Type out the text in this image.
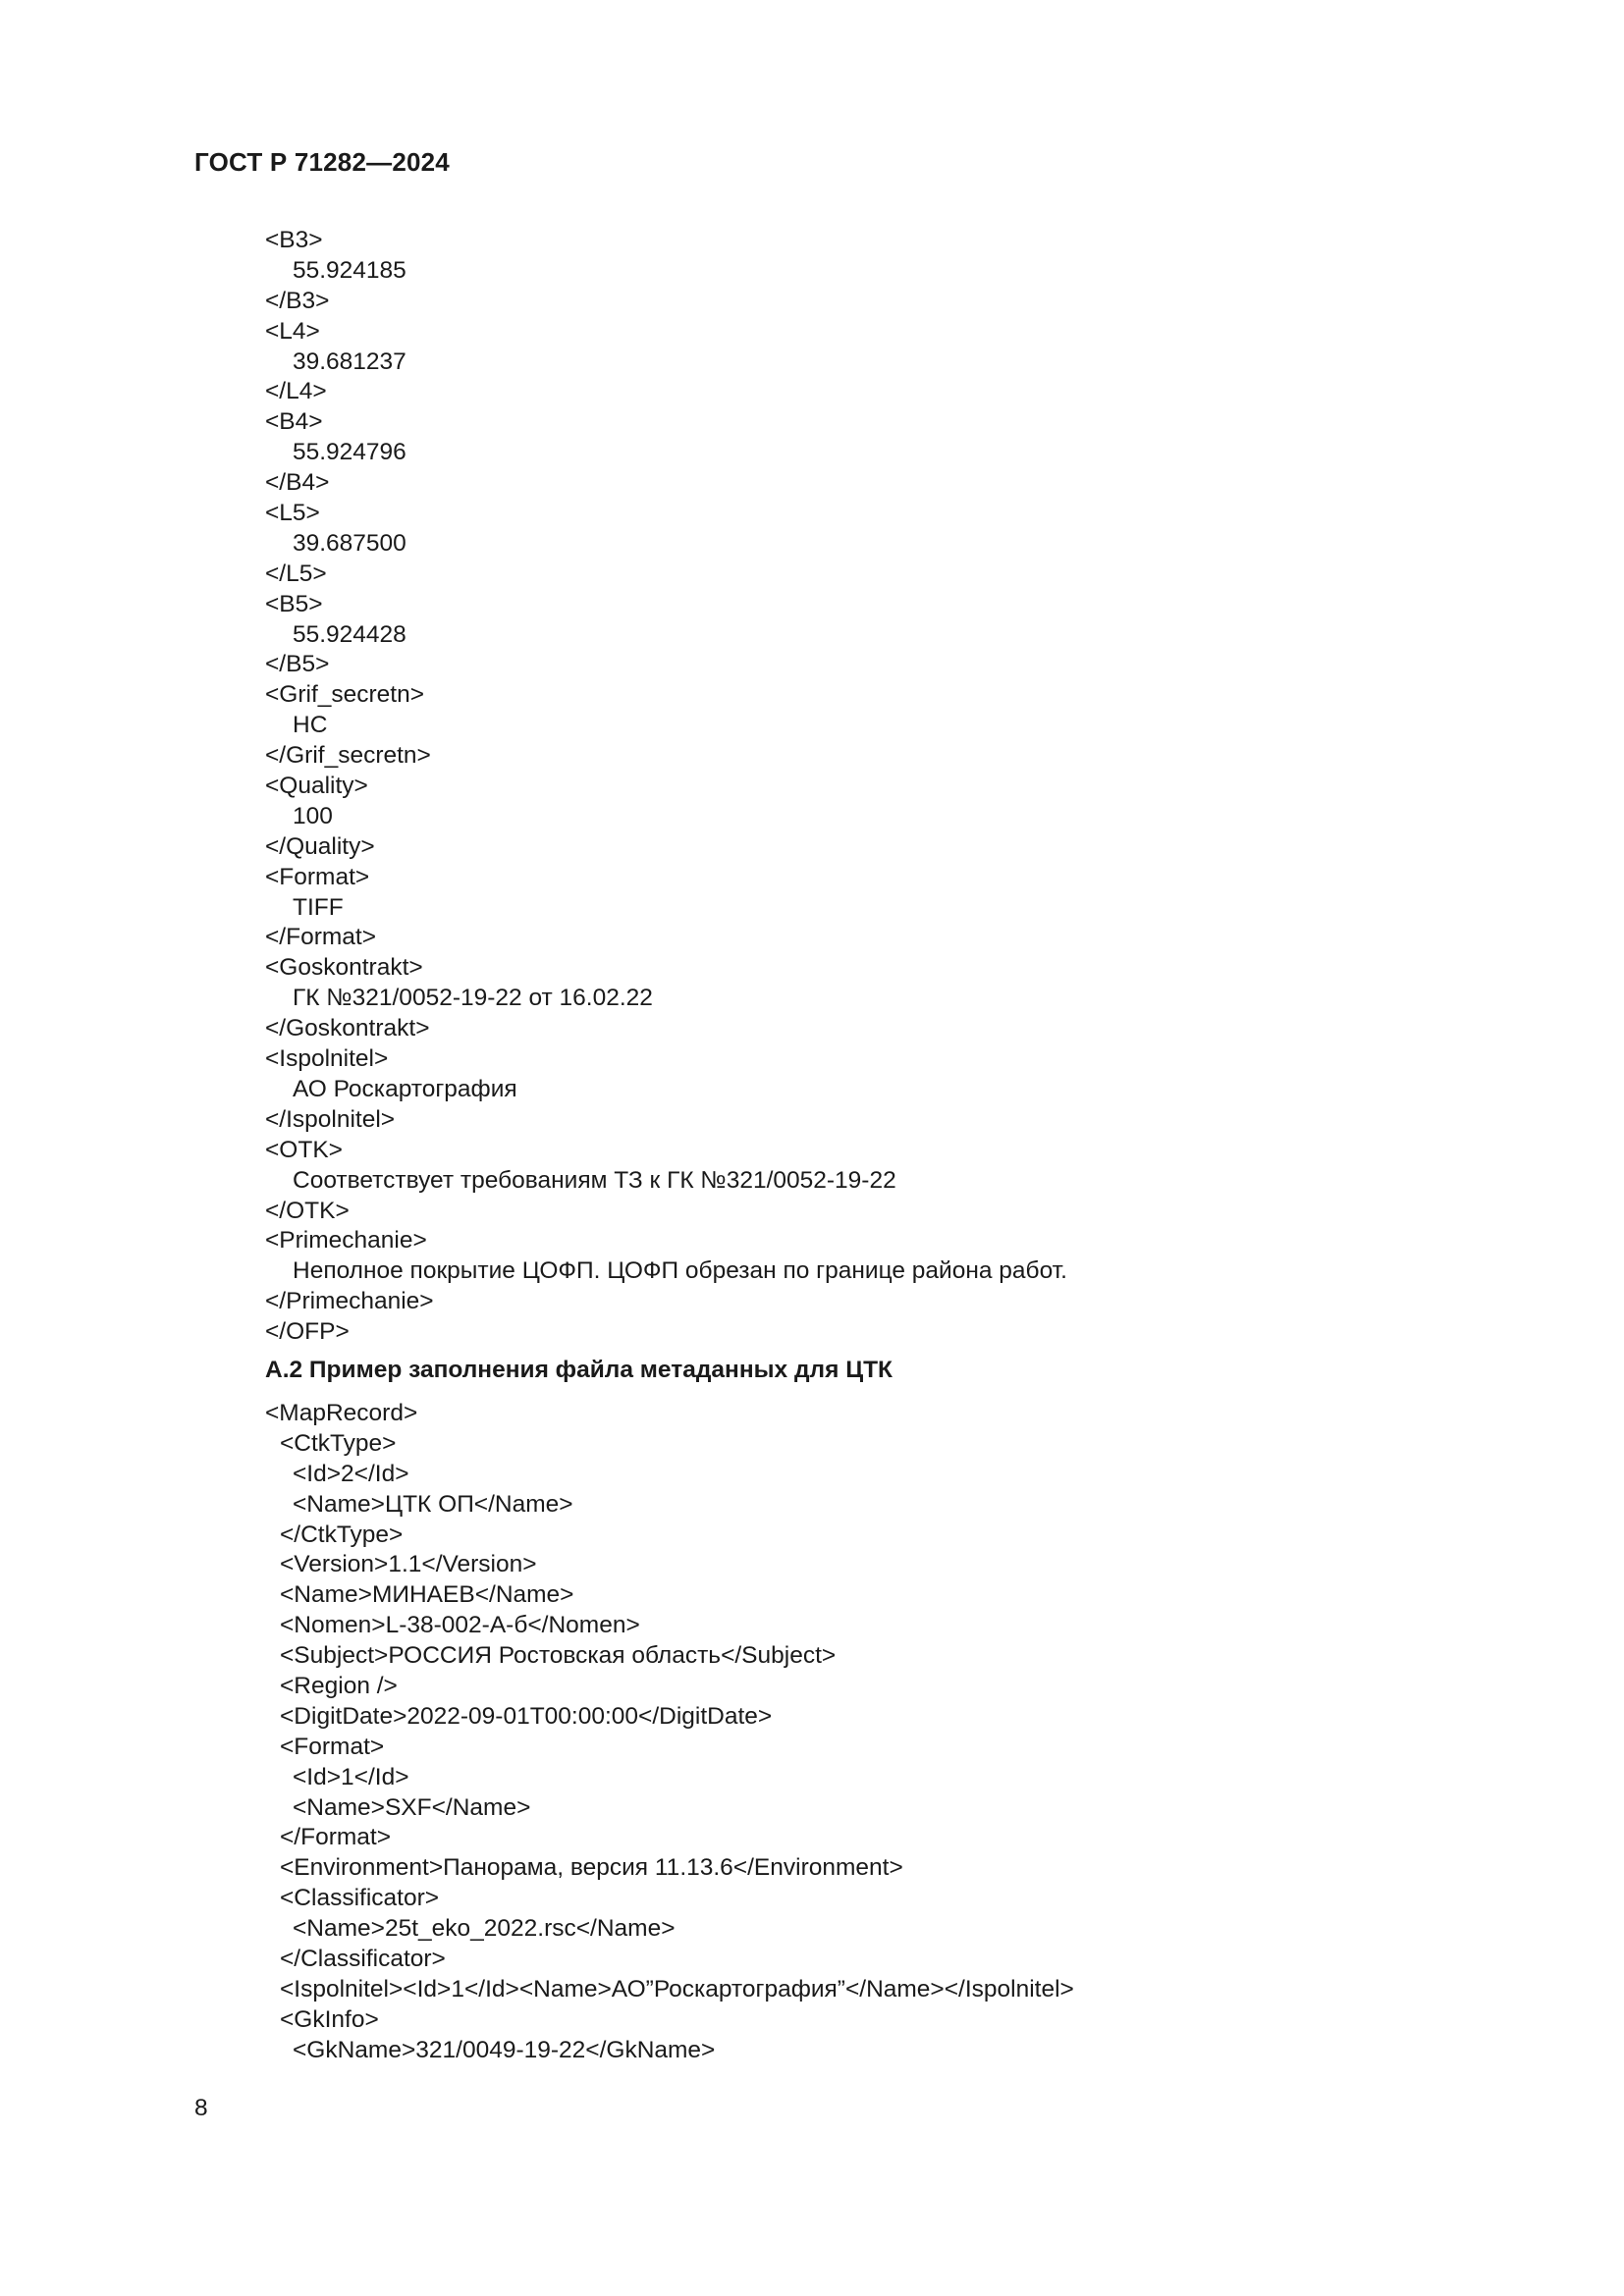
ГОСТ Р 71282—2024
<B3>
55.924185
</B3>
<L4>
39.681237
</L4>
<B4>
55.924796
</B4>
<L5>
39.687500
</L5>
<B5>
55.924428
</B5>
<Grif_secretn>
НС
</Grif_secretn>
<Quality>
100
</Quality>
<Format>
TIFF
</Format>
<Goskontrakt>
ГК №321/0052-19-22 от 16.02.22
</Goskontrakt>
<Ispolnitel>
АО Роскартография
</Ispolnitel>
<OTK>
Соответствует требованиям ТЗ к ГК №321/0052-19-22
</OTK>
<Primechanie>
Неполное покрытие ЦОФП. ЦОФП обрезан по границе района работ.
</Primechanie>
</OFP>
А.2 Пример заполнения файла метаданных для ЦТК
<MapRecord>
<CtkType>
<Id>2</Id>
<Name>ЦТК ОП</Name>
</CtkType>
<Version>1.1</Version>
<Name>МИНАЕВ</Name>
<Nomen>L-38-002-А-б</Nomen>
<Subject>РОССИЯ Ростовская область</Subject>
<Region />
<DigitDate>2022-09-01T00:00:00</DigitDate>
<Format>
<Id>1</Id>
<Name>SXF</Name>
</Format>
<Environment>Панорама, версия 11.13.6</Environment>
<Classificator>
<Name>25t_eko_2022.rsc</Name>
</Classificator>
<Ispolnitel><Id>1</Id><Name>АО”Роскартография”</Name></Ispolnitel>
<GkInfo>
<GkName>321/0049-19-22</GkName>
8
